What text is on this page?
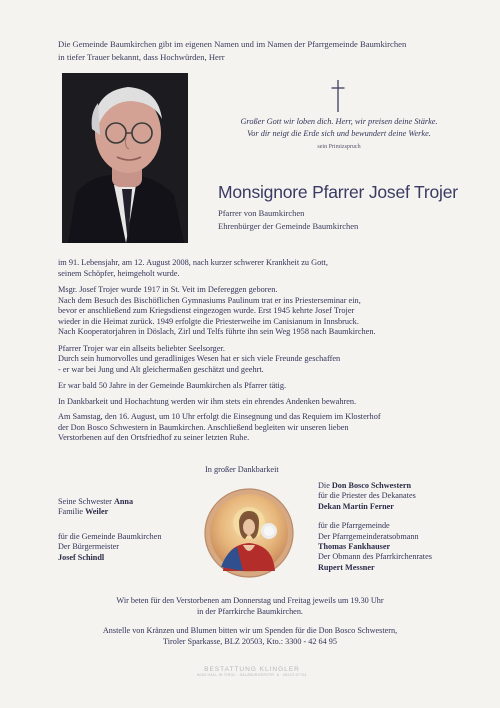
Die Gemeinde Baumkirchen gibt im eigenen Namen und im Namen der Pfarrgemeinde Baumkirchen
in tiefer Trauer bekannt, dass Hochwürden, Herr
Großer Gott wir loben dich. Herr, wir preisen deine Stärke.
Vor dir neigt die Erde sich und bewundert deine Werke.
sein Primizspruch
Monsignore Pfarrer Josef Trojer
Pfarrer von Baumkirchen
Ehrenbürger der Gemeinde Baumkirchen

im 91. Lebensjahr, am 12. August 2008, nach kurzer schwerer Krankheit zu Gott,
seinem Schöpfer, heimgeholt wurde.

Msgr. Josef Trojer wurde 1917 in St. Veit im Defereggen geboren.
Nach dem Besuch des Bischöflichen Gymnasiums Paulinum trat er ins Priesterseminar ein,
bevor er anschließend zum Kriegsdienst eingezogen wurde. Erst 1945 kehrte Josef Trojer
wieder in die Heimat zurück. 1949 erfolgte die Priesterweihe im Canisianum in Innsbruck.
Nach Kooperatorjahren in Döslach, Zirl und Telfs führte ihn sein Weg 1958 nach Baumkirchen.

Pfarrer Trojer war ein allseits beliebter Seelsorger.
Durch sein humorvolles und geradliniges Wesen hat er sich viele Freunde geschaffen
- er war bei Jung und Alt gleichermaßen geschätzt und geehrt.

Er war bald 50 Jahre in der Gemeinde Baumkirchen als Pfarrer tätig.

In Dankbarkeit und Hochachtung werden wir ihm stets ein ehrendes Andenken bewahren.

Am Samstag, den 16. August, um 10 Uhr erfolgt die Einsegnung und das Requiem im Klosterhof
der Don Bosco Schwestern in Baumkirchen. Anschließend begleiten wir unseren lieben
Verstorbenen auf den Ortsfriedhof zu seiner letzten Ruhe.

In großer Dankbarkeit
Seine Schwester Anna
Familie Weiler
für die Gemeinde Baumkirchen
Der Bürgermeister
Josef Schindl
Die Don Bosco Schwestern
für die Priester des Dekanates
Dekan Martin Ferner
für die Pfarrgemeinde
Der Pfarrgemeinderatsobmann
Thomas Fankhauser
Der Obmann des Pfarrkirchenrates
Rupert Messner

Wir beten für den Verstorbenen am Donnerstag und Freitag jeweils um 19.30 Uhr
in der Pfarrkirche Baumkirchen.

Anstelle von Kränzen und Blumen bitten wir um Spenden für die Don Bosco Schwestern,
Tiroler Sparkasse, BLZ 20503, Kto.: 3300 - 42 64 95

BESTATTUNG KLINGLER
6060 HALL IN TIROL · SALZBURGERSTR. 6 · 05223 57704
